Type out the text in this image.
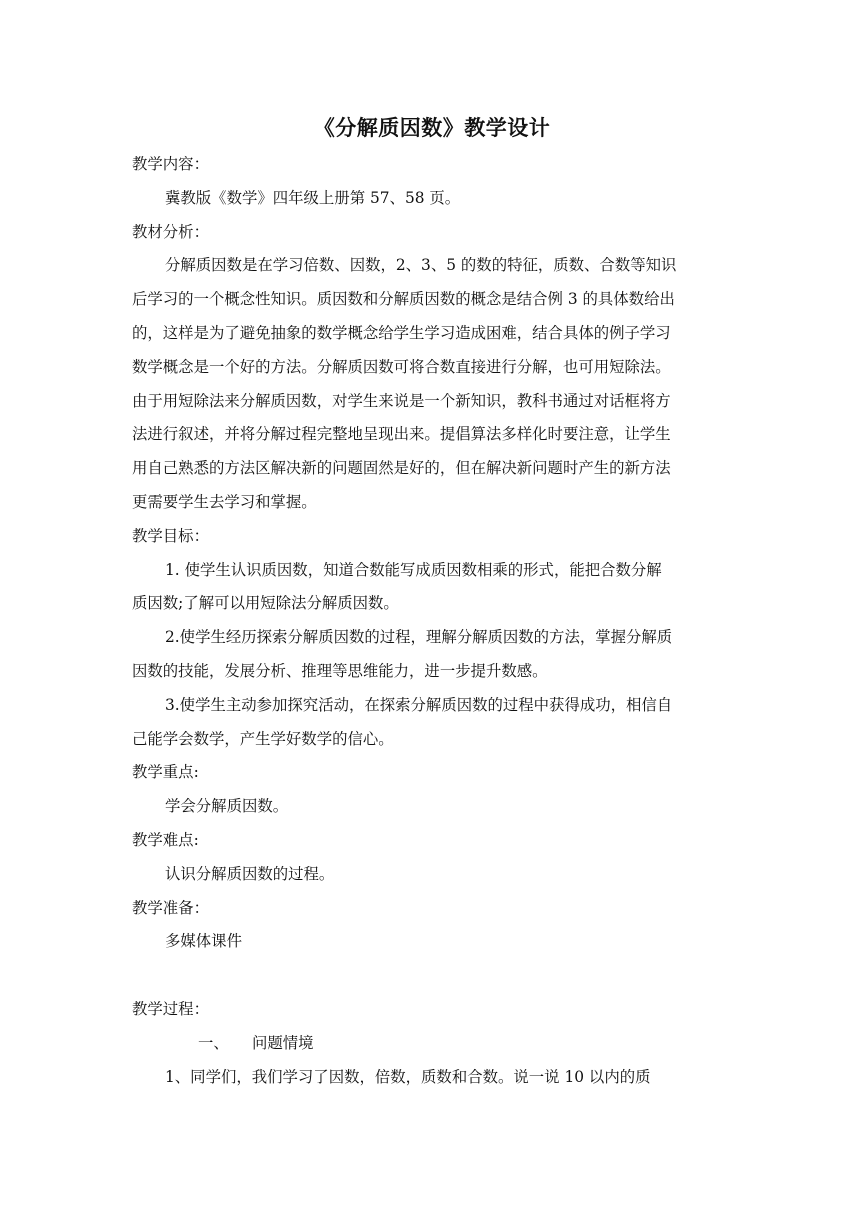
《分解质因数》教学设计

教学内容：

冀教版《数学》四年级上册第 57、58 页。

教材分析：

分解质因数是在学习倍数、因数，2、3、5 的数的特征，质数、合数等知识

后学习的一个概念性知识。质因数和分解质因数的概念是结合例 3 的具体数给出

的，这样是为了避免抽象的数学概念给学生学习造成困难，结合具体的例子学习

数学概念是一个好的方法。分解质因数可将合数直接进行分解，也可用短除法。

由于用短除法来分解质因数，对学生来说是一个新知识，教科书通过对话框将方

法进行叙述，并将分解过程完整地呈现出来。提倡算法多样化时要注意，让学生

用自己熟悉的方法区解决新的问题固然是好的，但在解决新问题时产生的新方法

更需要学生去学习和掌握。

教学目标：

1. 使学生认识质因数，知道合数能写成质因数相乘的形式，能把合数分解

质因数;了解可以用短除法分解质因数。

2.使学生经历探索分解质因数的过程，理解分解质因数的方法，掌握分解质

因数的技能，发展分析、推理等思维能力，进一步提升数感。

3.使学生主动参加探究活动，在探索分解质因数的过程中获得成功，相信自

己能学会数学，产生学好数学的信心。

教学重点:

学会分解质因数。

教学难点:

认识分解质因数的过程。

教学准备：

多媒体课件

教学过程：

一、 问题情境

1、同学们，我们学习了因数，倍数，质数和合数。说一说 10 以内的质
